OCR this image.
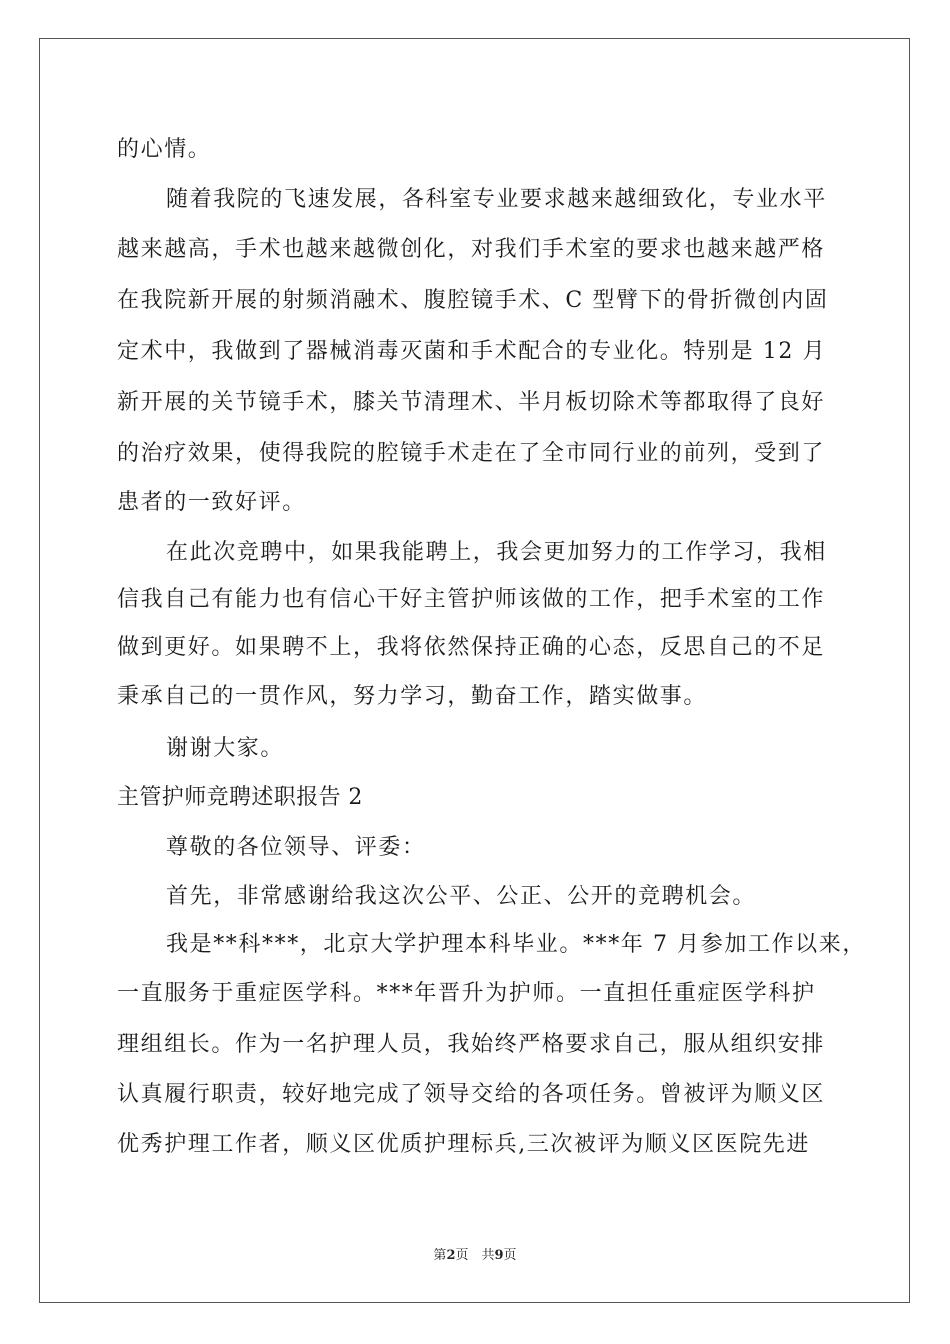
的心情。
随着我院的飞速发展，各科室专业要求越来越细致化，专业水平
越来越高，手术也越来越微创化，对我们手术室的要求也越来越严格
在我院新开展的射频消融术、腹腔镜手术、C 型臂下的骨折微创内固
定术中，我做到了器械消毒灭菌和手术配合的专业化。特别是 12 月
新开展的关节镜手术，膝关节清理术、半月板切除术等都取得了良好
的治疗效果，使得我院的腔镜手术走在了全市同行业的前列，受到了
患者的一致好评。
在此次竞聘中，如果我能聘上，我会更加努力的工作学习，我相
信我自己有能力也有信心干好主管护师该做的工作，把手术室的工作
做到更好。如果聘不上，我将依然保持正确的心态，反思自己的不足
秉承自己的一贯作风，努力学习，勤奋工作，踏实做事。
谢谢大家。
主管护师竞聘述职报告 2
尊敬的各位领导、评委：
首先，非常感谢给我这次公平、公正、公开的竞聘机会。
我是**科***，北京大学护理本科毕业。***年 7 月参加工作以来，
一直服务于重症医学科。***年晋升为护师。一直担任重症医学科护
理组组长。作为一名护理人员，我始终严格要求自己，服从组织安排
认真履行职责，较好地完成了领导交给的各项任务。曾被评为顺义区
优秀护理工作者，顺义区优质护理标兵,三次被评为顺义区医院先进
第2页　共9页
